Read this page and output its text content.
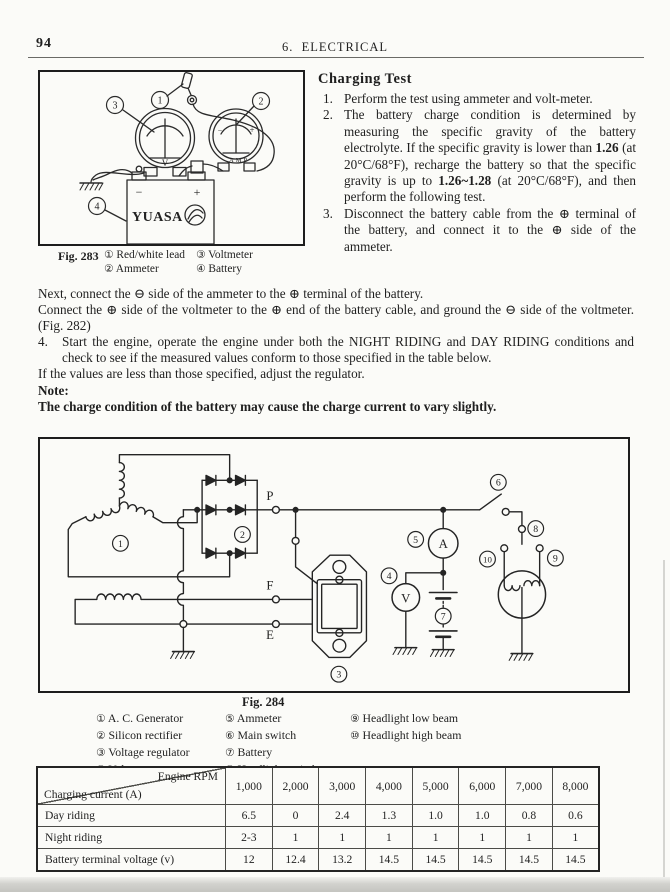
94	6.  ELECTRICAL
3	1	2
4
V
−	+
AMP
−	+
YUASA
Charging Test
1. Perform the test using ammeter and volt-meter.
2. The battery charge condition is determined by measuring the specific gravity of the battery electrolyte. If the specific gravity is lower than 1.26 (at 20°C/68°F), recharge the battery so that the specific gravity is up to 1.26~1.28 (at 20°C/68°F), and then perform the following test.
3. Disconnect the battery cable from the ⊕ terminal of the battery, and connect it to the ⊕ side of the ammeter.
Fig. 283 ① Red/white lead
② Ammeter
③ Voltmeter
④ Battery

Next, connect the ⊖ side of the ammeter to the ⊕ terminal of the battery.

Connect the ⊕ side of the voltmeter to the ⊕ end of the battery cable, and ground the ⊖ side of the voltmeter. (Fig. 282)

4. Start the engine, operate the engine under both the NIGHT RIDING and DAY RIDING conditions and check to see if the measured values conform to those specified in the table below.

If the values are less than those specified, adjust the regulator.

Note:

The charge condition of the battery may cause the charge current to vary slightly.

P
F
E
A
V
1
2
3
4
5
6
7
8
9
10
Fig. 284
① A. C. Generator
② Silicon rectifier
③ Voltage regulator
⑤ Ammeter
⑥ Main switch
⑦ Battery
⑨ Headlight low beam
⑩ Headlight high beam
Engine RPM
Charging current (A)	1,000	2,000	3,000	4,000	5,000	6,000	7,000	8,000
Day riding	6.5	0	2.4	1.3	1.0	1.0	0.8	0.6
Night riding	2-3	1	1	1	1	1	1	1
Battery terminal voltage (v)	12	12.4	13.2	14.5	14.5	14.5	14.5	14.5
